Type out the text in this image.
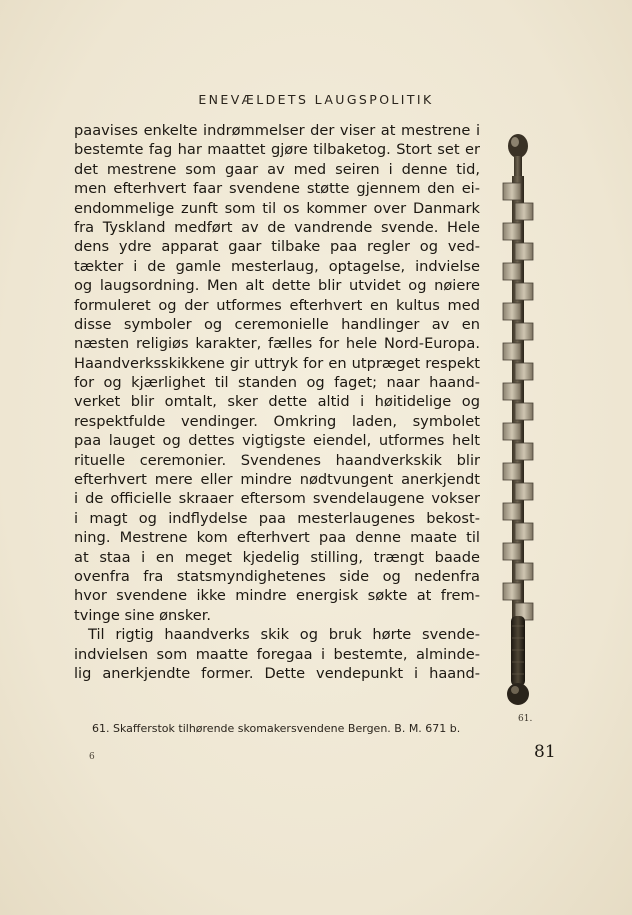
ENEVÆLDETS LAUGSPOLITIK
paavises enkelte indrømmelser der viser at mestrene i
bestemte fag har maattet gjøre tilbaketog. Stort set er
det mestrene som gaar av med seiren i denne tid,
men efterhvert faar svendene støtte gjennem den ei-
endommelige zunft som til os kommer over Danmark
fra Tyskland medført av de vandrende svende. Hele
dens ydre apparat gaar tilbake paa regler og ved-
tækter i de gamle mesterlaug, optagelse, indvielse
og laugsordning. Men alt dette blir utvidet og nøiere
formuleret og der utformes efterhvert en kultus med
disse symboler og ceremonielle handlinger av en
næsten religiøs karakter, fælles for hele Nord-Europa.
Haandverksskikkene gir uttryk for en utpræget respekt
for og kjærlighet til standen og faget; naar haand-
verket blir omtalt, sker dette altid i høitidelige og
respektfulde vendinger. Omkring laden, symbolet
paa lauget og dettes vigtigste eiendel, utformes helt
rituelle ceremonier. Svendenes haandverkskik blir
efterhvert mere eller mindre nødtvungent anerkjendt
i de officielle skraaer eftersom svendelaugene vokser
i magt og indflydelse paa mesterlaugenes bekost-
ning. Mestrene kom efterhvert paa denne maate til
at staa i en meget kjedelig stilling, trængt baade
ovenfra fra statsmyndighetenes side og nedenfra
hvor svendene ikke mindre energisk søkte at frem-
tvinge sine ønsker.
Til rigtig haandverks skik og bruk hørte svende-
indvielsen som maatte foregaa i bestemte, alminde-
lig anerkjendte former. Dette vendepunkt i haand-
61.
61. Skafferstok tilhørende skomakersvendene Bergen. B. M. 671 b.
6	81
